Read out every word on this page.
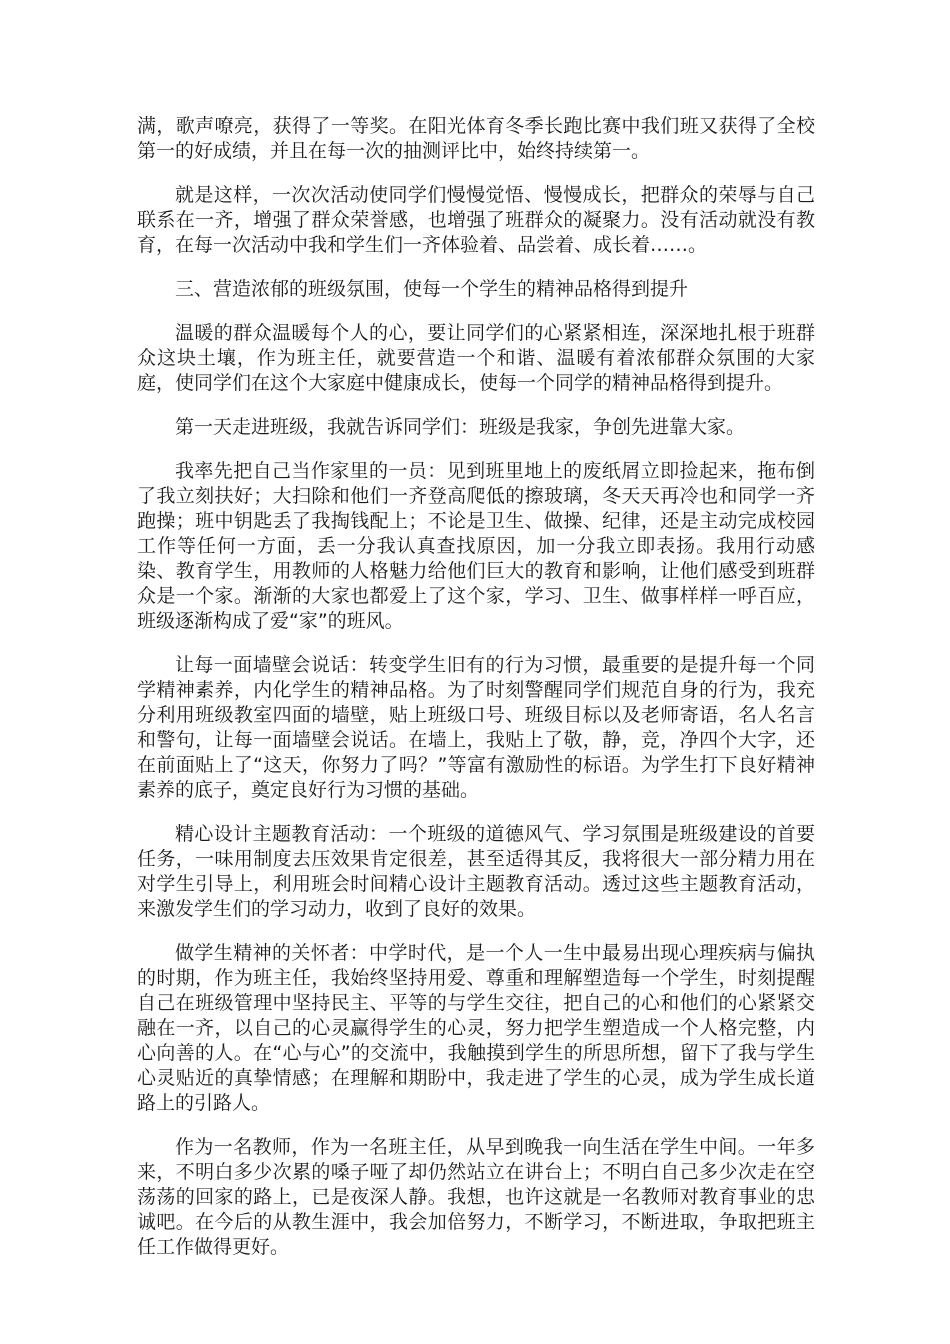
满，歌声嘹亮，获得了一等奖。在阳光体育冬季长跑比赛中我们班又获得了全校第一的好成绩，并且在每一次的抽测评比中，始终持续第一。

就是这样，一次次活动使同学们慢慢觉悟、慢慢成长，把群众的荣辱与自己联系在一齐，增强了群众荣誉感，也增强了班群众的凝聚力。没有活动就没有教育，在每一次活动中我和学生们一齐体验着、品尝着、成长着……。

三、营造浓郁的班级氛围，使每一个学生的精神品格得到提升

温暖的群众温暖每个人的心，要让同学们的心紧紧相连，深深地扎根于班群众这块土壤，作为班主任，就要营造一个和谐、温暖有着浓郁群众氛围的大家庭，使同学们在这个大家庭中健康成长，使每一个同学的精神品格得到提升。

第一天走进班级，我就告诉同学们：班级是我家，争创先进靠大家。

我率先把自己当作家里的一员：见到班里地上的废纸屑立即捡起来，拖布倒了我立刻扶好；大扫除和他们一齐登高爬低的擦玻璃，冬天天再冷也和同学一齐跑操；班中钥匙丢了我掏钱配上；不论是卫生、做操、纪律，还是主动完成校园工作等任何一方面，丢一分我认真查找原因，加一分我立即表扬。我用行动感染、教育学生，用教师的人格魅力给他们巨大的教育和影响，让他们感受到班群众是一个家。渐渐的大家也都爱上了这个家，学习、卫生、做事样样一呼百应，班级逐渐构成了爱“家”的班风。

让每一面墙壁会说话：转变学生旧有的行为习惯，最重要的是提升每一个同学精神素养，内化学生的精神品格。为了时刻警醒同学们规范自身的行为，我充分利用班级教室四面的墙壁，贴上班级口号、班级目标以及老师寄语，名人名言和警句，让每一面墙壁会说话。在墙上，我贴上了敬，静，竞，净四个大字，还在前面贴上了“这天，你努力了吗？”等富有激励性的标语。为学生打下良好精神素养的底子，奠定良好行为习惯的基础。

精心设计主题教育活动：一个班级的道德风气、学习氛围是班级建设的首要任务，一味用制度去压效果肯定很差，甚至适得其反，我将很大一部分精力用在对学生引导上，利用班会时间精心设计主题教育活动。透过这些主题教育活动，来激发学生们的学习动力，收到了良好的效果。

做学生精神的关怀者：中学时代，是一个人一生中最易出现心理疾病与偏执的时期，作为班主任，我始终坚持用爱、尊重和理解塑造每一个学生，时刻提醒自己在班级管理中坚持民主、平等的与学生交往，把自己的心和他们的心紧紧交融在一齐，以自己的心灵赢得学生的心灵，努力把学生塑造成一个人格完整，内心向善的人。在“心与心”的交流中，我触摸到学生的所思所想，留下了我与学生心灵贴近的真挚情感；在理解和期盼中，我走进了学生的心灵，成为学生成长道路上的引路人。

作为一名教师，作为一名班主任，从早到晚我一向生活在学生中间。一年多来，不明白多少次累的嗓子哑了却仍然站立在讲台上；不明白自己多少次走在空荡荡的回家的路上，已是夜深人静。我想，也许这就是一名教师对教育事业的忠诚吧。在今后的从教生涯中，我会加倍努力，不断学习，不断进取，争取把班主任工作做得更好。
